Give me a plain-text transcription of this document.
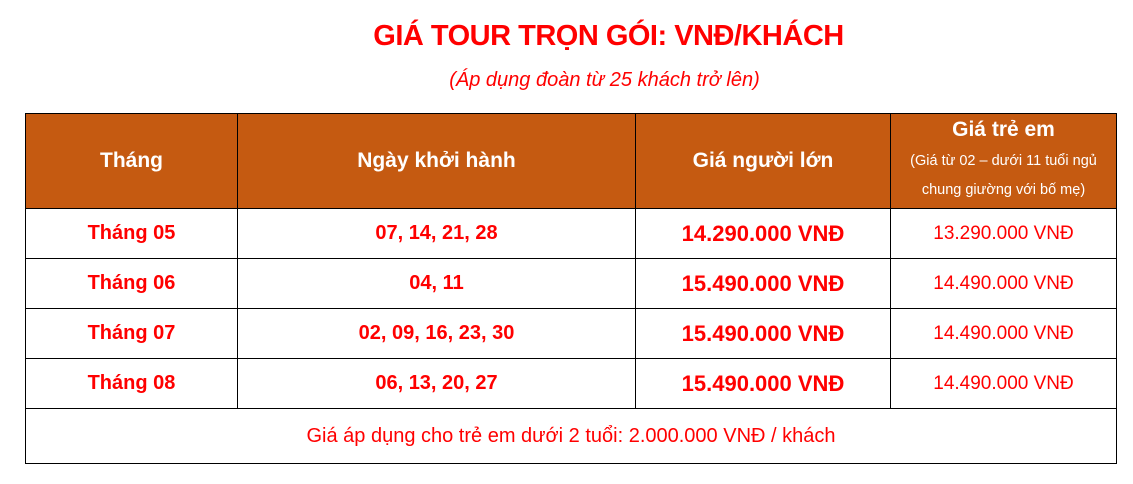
GIÁ TOUR TRỌN GÓI: VNĐ/KHÁCH
(Áp dụng đoàn từ 25 khách trở lên)
Tháng	Ngày khởi hành	Giá người lớn	Giá trẻ em
(Giá từ 02 – dưới 11 tuổi ngủ chung giường với bố mẹ)

Tháng 05	07, 14, 21, 28	14.290.000 VNĐ	13.290.000 VNĐ
Tháng 06	04, 11	15.490.000 VNĐ	14.490.000 VNĐ
Tháng 07	02, 09, 16, 23, 30	15.490.000 VNĐ	14.490.000 VNĐ
Tháng 08	06, 13, 20, 27	15.490.000 VNĐ	14.490.000 VNĐ
Giá áp dụng cho trẻ em dưới 2 tuổi: 2.000.000 VNĐ / khách			
